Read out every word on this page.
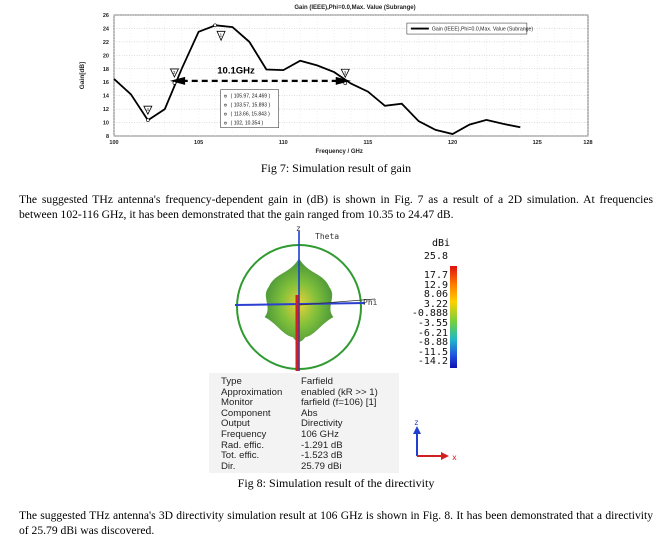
8
10
12
14
16
18
20
22
24
26
100	105	110	115	120	125	128
Frequency / GHz
Gain[dB]
Gain (IEEE),Phi=0.0,Max. Value (Subrange)
Gain (IEEE),Phi=0.0,Max. Value (Subrange)
10.1GHz
1
2	3
4
⚙ ( 105.97, 24.469 )
⚙ ( 103.57, 15.893 )
⚙ ( 113.66, 15.843 )
⚙ ( 102, 10.354 )
Fig 7: Simulation result of gain
The suggested THz antenna's frequency-dependent gain in (dB) is shown in Fig. 7 as a result of a 2D simulation. At frequencies between 102-116 GHz, it has been demonstrated that the gain ranged from 10.35 to 24.47 dB.
z
Theta
Phi
dBi
25.8
17.7
12.9
8.06
3.22
-0.888
-3.55
-6.21
-8.88
-11.5
-14.2
Type	Farfield
Approximation enabled (kR >> 1)
Monitor	farfield (f=106) [1]
Component	Abs
Output	Directivity
Frequency	106 GHz
Rad. effic.	-1.291 dB
Tot. effic.	-1.523 dB
Dir.	25.79 dBi
z
x
Fig 8: Simulation result of the directivity
The suggested THz antenna's 3D directivity simulation result at 106 GHz is shown in Fig. 8. It has been demonstrated that a directivity of 25.79 dBi was discovered.
